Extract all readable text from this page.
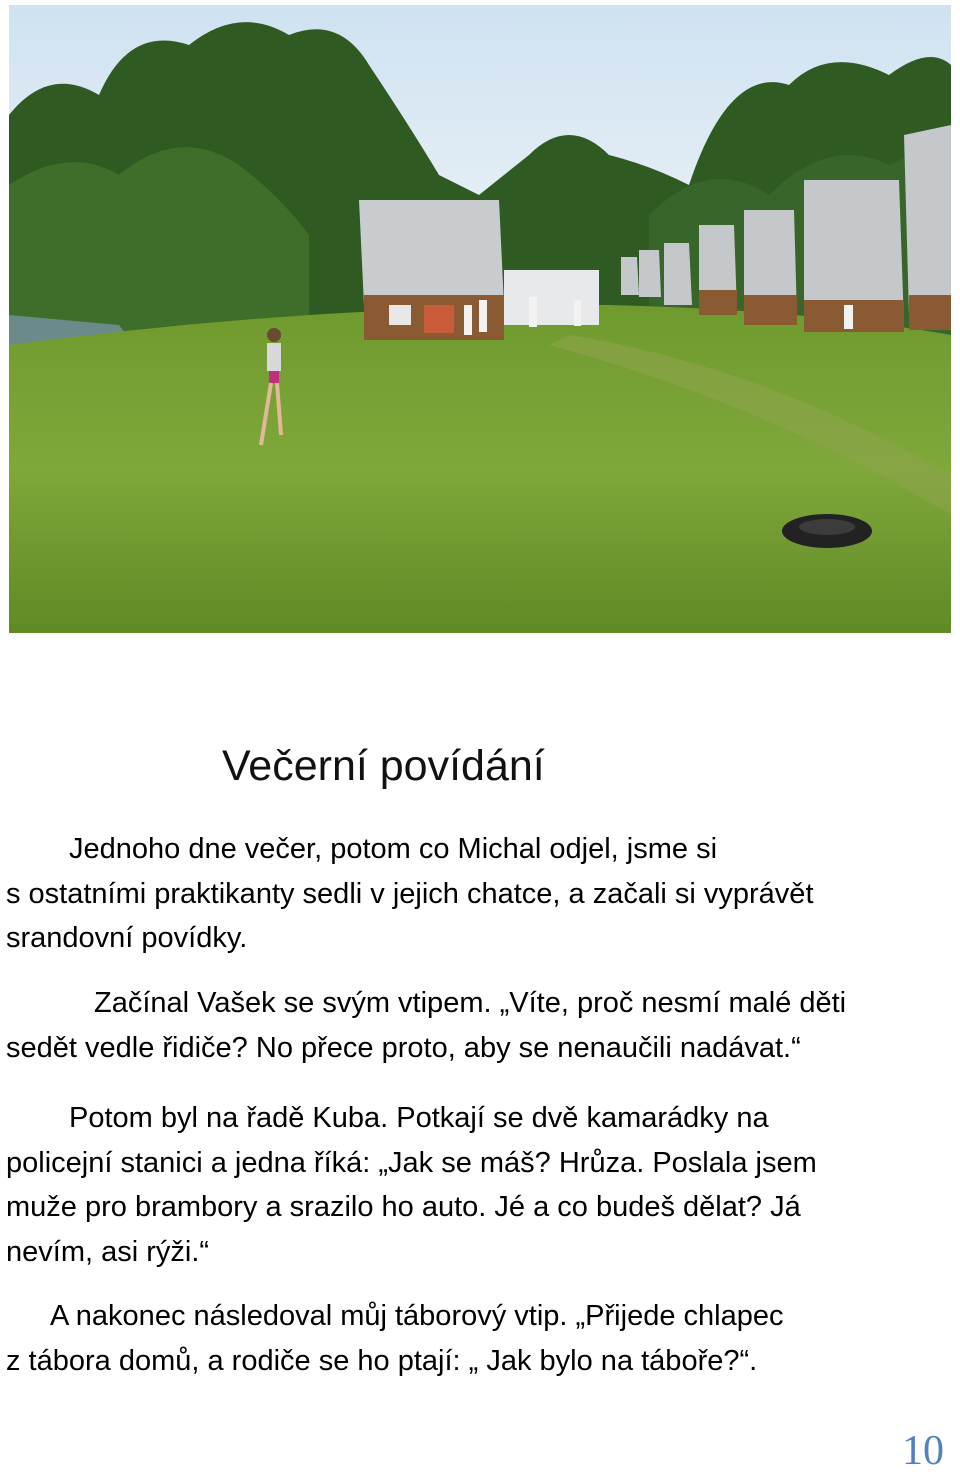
Večerní povídání

Jednoho dne večer, potom co Michal odjel, jsme si
s ostatními praktikanty sedli v jejich chatce, a začali si vyprávět
srandovní povídky.

Začínal Vašek se svým vtipem. „Víte, proč nesmí malé děti
sedět vedle řidiče? No přece proto, aby se nenaučili nadávat.“

Potom byl na řadě Kuba. Potkají se dvě kamarádky na
policejní stanici a jedna říká: „Jak se máš? Hrůza. Poslala jsem
muže pro brambory a srazilo ho auto. Jé a co budeš dělat? Já
nevím, asi rýži.“

A nakonec následoval můj táborový vtip. „Přijede chlapec
z tábora domů, a rodiče se ho ptají: „ Jak bylo na táboře?“.

10
